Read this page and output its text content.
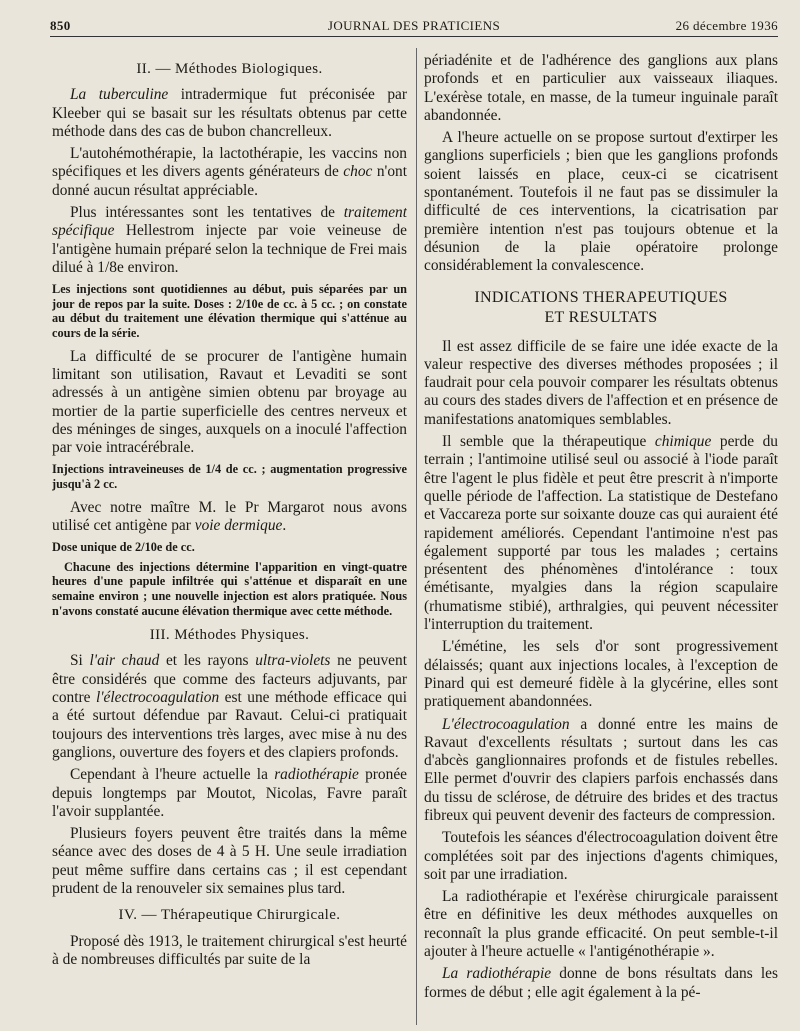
850	JOURNAL DES PRATICIENS	26 décembre 1936
II. — Méthodes Biologiques.

La tuberculine intradermique fut préconisée par Kleeber qui se basait sur les résultats obtenus par cette méthode dans des cas de bubon chancrelleux.

L'autohémothérapie, la lactothérapie, les vaccins non spécifiques et les divers agents générateurs de choc n'ont donné aucun résultat appréciable.

Plus intéressantes sont les tentatives de traitement spécifique Hellestrom injecte par voie veineuse de l'antigène humain préparé selon la technique de Frei mais dilué à 1/8e environ.

Les injections sont quotidiennes au début, puis séparées par un jour de repos par la suite. Doses : 2/10e de cc. à 5 cc. ; on constate au début du traitement une élévation thermique qui s'atténue au cours de la série.

La difficulté de se procurer de l'antigène humain limitant son utilisation, Ravaut et Levaditi se sont adressés à un antigène simien obtenu par broyage au mortier de la partie superficielle des centres nerveux et des méninges de singes, auxquels on a inoculé l'affection par voie intracérébrale.

Injections intraveineuses de 1/4 de cc. ; augmentation progressive jusqu'à 2 cc.

Avec notre maître M. le Pr Margarot nous avons utilisé cet antigène par voie dermique.

Dose unique de 2/10e de cc.

Chacune des injections détermine l'apparition en vingt-quatre heures d'une papule infiltrée qui s'atténue et disparaît en une semaine environ ; une nouvelle injection est alors pratiquée. Nous n'avons constaté aucune élévation thermique avec cette méthode.

III. Méthodes Physiques.

Si l'air chaud et les rayons ultra-violets ne peuvent être considérés que comme des facteurs adjuvants, par contre l'électrocoagulation est une méthode efficace qui a été surtout défendue par Ravaut. Celui-ci pratiquait toujours des interventions très larges, avec mise à nu des ganglions, ouverture des foyers et des clapiers profonds.

Cependant à l'heure actuelle la radiothérapie pronée depuis longtemps par Moutot, Nicolas, Favre paraît l'avoir supplantée.

Plusieurs foyers peuvent être traités dans la même séance avec des doses de 4 à 5 H. Une seule irradiation peut même suffire dans certains cas ; il est cependant prudent de la renouveler six semaines plus tard.

IV. — Thérapeutique Chirurgicale.

Proposé dès 1913, le traitement chirurgical s'est heurté à de nombreuses difficultés par suite de la

périadénite et de l'adhérence des ganglions aux plans profonds et en particulier aux vaisseaux iliaques. L'exérèse totale, en masse, de la tumeur inguinale paraît abandonnée.

A l'heure actuelle on se propose surtout d'extirper les ganglions superficiels ; bien que les ganglions profonds soient laissés en place, ceux-ci se cicatrisent spontanément. Toutefois il ne faut pas se dissimuler la difficulté de ces interventions, la cicatrisation par première intention n'est pas toujours obtenue et la désunion de la plaie opératoire prolonge considérablement la convalescence.

INDICATIONS THERAPEUTIQUES
ET RESULTATS

Il est assez difficile de se faire une idée exacte de la valeur respective des diverses méthodes proposées ; il faudrait pour cela pouvoir comparer les résultats obtenus au cours des stades divers de l'affection et en présence de manifestations anatomiques semblables.

Il semble que la thérapeutique chimique perde du terrain ; l'antimoine utilisé seul ou associé à l'iode paraît être l'agent le plus fidèle et peut être prescrit à n'importe quelle période de l'affection. La statistique de Destefano et Vaccareza porte sur soixante douze cas qui auraient été rapidement améliorés. Cependant l'antimoine n'est pas également supporté par tous les malades ; certains présentent des phénomènes d'intolérance : toux émétisante, myalgies dans la région scapulaire (rhumatisme stibié), arthralgies, qui peuvent nécessiter l'interruption du traitement.

L'émétine, les sels d'or sont progressivement délaissés; quant aux injections locales, à l'exception de Pinard qui est demeuré fidèle à la glycérine, elles sont pratiquement abandonnées.

L'électrocoagulation a donné entre les mains de Ravaut d'excellents résultats ; surtout dans les cas d'abcès ganglionnaires profonds et de fistules rebelles. Elle permet d'ouvrir des clapiers parfois enchassés dans du tissu de sclérose, de détruire des brides et des tractus fibreux qui peuvent devenir des facteurs de compression.

Toutefois les séances d'électrocoagulation doivent être complétées soit par des injections d'agents chimiques, soit par une irradiation.

La radiothérapie et l'exérèse chirurgicale paraissent être en définitive les deux méthodes auxquelles on reconnaît la plus grande efficacité. On peut semble-t-il ajouter à l'heure actuelle « l'antigénothérapie ».

La radiothérapie donne de bons résultats dans les formes de début ; elle agit également à la pé-
